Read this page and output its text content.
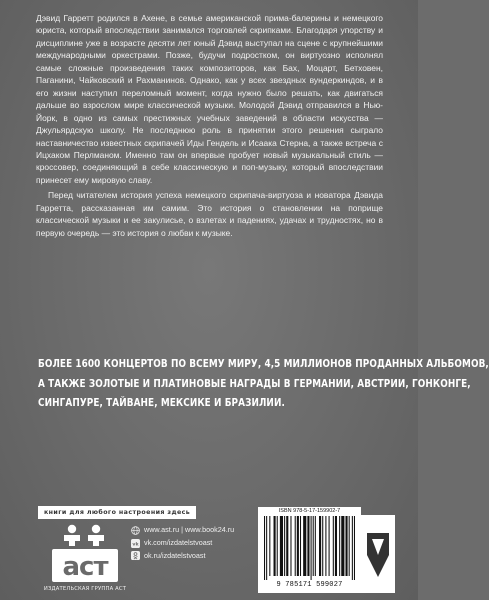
Дэвид Гарретт родился в Ахене, в семье американской прима-балерины и немецкого юриста, который впоследствии занимался торговлей скрипками. Благодаря упорству и дисциплине уже в возрасте десяти лет юный Дэвид выступал на сцене с крупнейшими международными оркестрами. Позже, будучи подростком, он виртуозно исполнял самые сложные произведения таких композиторов, как Бах, Моцарт, Бетховен, Паганини, Чайковский и Рахманинов. Однако, как у всех звездных вундеркиндов, и в его жизни наступил переломный момент, когда нужно было решать, как двигаться дальше во взрослом мире классической музыки. Молодой Дэвид отправился в Нью-Йорк, в одно из самых престижных учебных заведений в области искусства — Джульярдскую школу. Не последнюю роль в принятии этого решения сыграло наставничество известных скрипачей Иды Гендель и Исаака Стерна, а также встреча с Ицхаком Перлманом. Именно там он впервые пробует новый музыкальный стиль — кроссовер, соединяющий в себе классическую и поп-музыку, который впоследствии принесет ему мировую славу.

Перед читателем история успеха немецкого скрипача-виртуоза и новатора Дэвида Гарретта, рассказанная им самим. Это история о становлении на поприще классической музыки и ее закулисье, о взлетах и падениях, удачах и трудностях, но в первую очередь — это история о любви к музыке.

БОЛЕЕ 1600 КОНЦЕРТОВ ПО ВСЕМУ МИРУ, 4,5 МИЛЛИОНОВ ПРОДАННЫХ АЛЬБОМОВ,
А ТАКЖЕ ЗОЛОТЫЕ И ПЛАТИНОВЫЕ НАГРАДЫ В ГЕРМАНИИ, АВСТРИИ, ГОНКОНГЕ,
СИНГАПУРЕ, ТАЙВАНЕ, МЕКСИКЕ И БРАЗИЛИИ.
книги для любого настроения здесь
аст
ИЗДАТЕЛЬСКАЯ ГРУППА АСТ
www.ast.ru | www.book24.ru
vk vk.com/izdatelstvoast
ok.ru/izdatelstvoast
ISBN 978-5-17-159902-7
9 785171 599027
